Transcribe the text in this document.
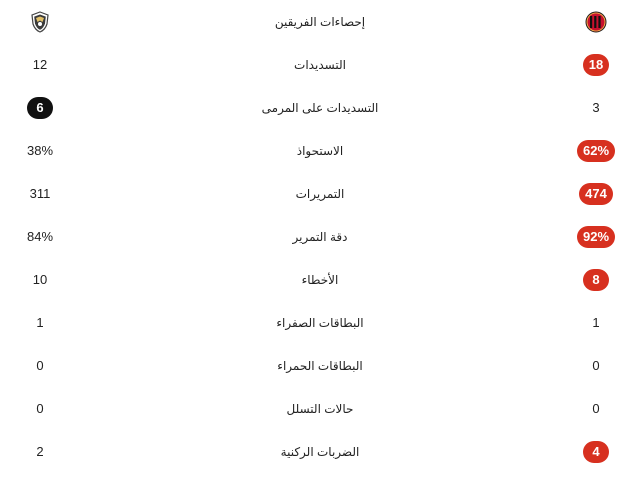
إحصاءات الفريقين
12	التسديدات	18
6	التسديدات على المرمى	3
38%	الاستحواذ	62%
311	التمريرات	474
84%	دقة التمرير	92%
10	الأخطاء	8
1	البطاقات الصفراء	1
0	البطاقات الحمراء	0
0	حالات التسلل	0
2	الضربات الركنية	4
